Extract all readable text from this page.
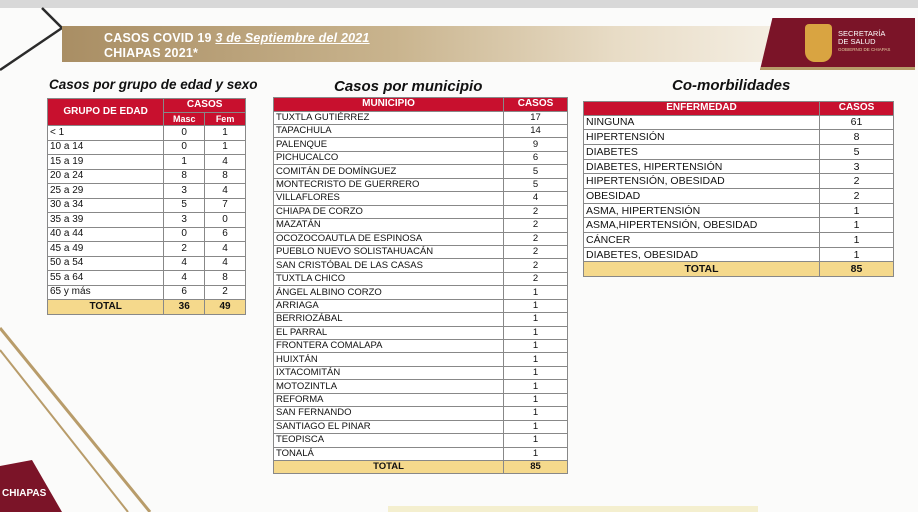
CASOS COVID 19 3 de Septiembre del 2021
CHIAPAS 2021*
SECRETARÍA
DE SALUD
GOBIERNO DE CHIAPAS
Casos por grupo de edad y sexo
GRUPO DE EDAD	CASOS	
	Masc	Fem
< 1	0	1
10 a 14	0	1
15 a 19	1	4
20 a 24	8	8
25 a 29	3	4
30 a 34	5	7
35 a 39	3	0
40 a 44	0	6
45 a 49	2	4
50 a 54	4	4
55 a 64	4	8
65 y más	6	2
TOTAL	36	49
Casos por municipio
MUNICIPIO	CASOS
TUXTLA GUTIÉRREZ	17
TAPACHULA	14
PALENQUE	9
PICHUCALCO	6
COMITÁN DE DOMÍNGUEZ	5
MONTECRISTO DE GUERRERO	5
VILLAFLORES	4
CHIAPA DE CORZO	2
MAZATÁN	2
OCOZOCOAUTLA DE ESPINOSA	2
PUEBLO NUEVO SOLISTAHUACÁN	2
SAN CRISTÓBAL DE LAS CASAS	2
TUXTLA CHICO	2
ÁNGEL ALBINO CORZO	1
ARRIAGA	1
BERRIOZÁBAL	1
EL PARRAL	1
FRONTERA COMALAPA	1
HUIXTÁN	1
IXTACOMITÁN	1
MOTOZINTLA	1
REFORMA	1
SAN FERNANDO	1
SANTIAGO EL PINAR	1
TEOPISCA	1
TONALÁ	1
TOTAL	85
Co-morbilidades
ENFERMEDAD	CASOS
NINGUNA	61
HIPERTENSIÓN	8
DIABETES	5
DIABETES, HIPERTENSIÓN	3
HIPERTENSIÓN, OBESIDAD	2
OBESIDAD	2
ASMA, HIPERTENSIÓN	1
ASMA,HIPERTENSIÓN, OBESIDAD	1
CÁNCER	1
DIABETES, OBESIDAD	1
TOTAL	85
CHIAPAS
